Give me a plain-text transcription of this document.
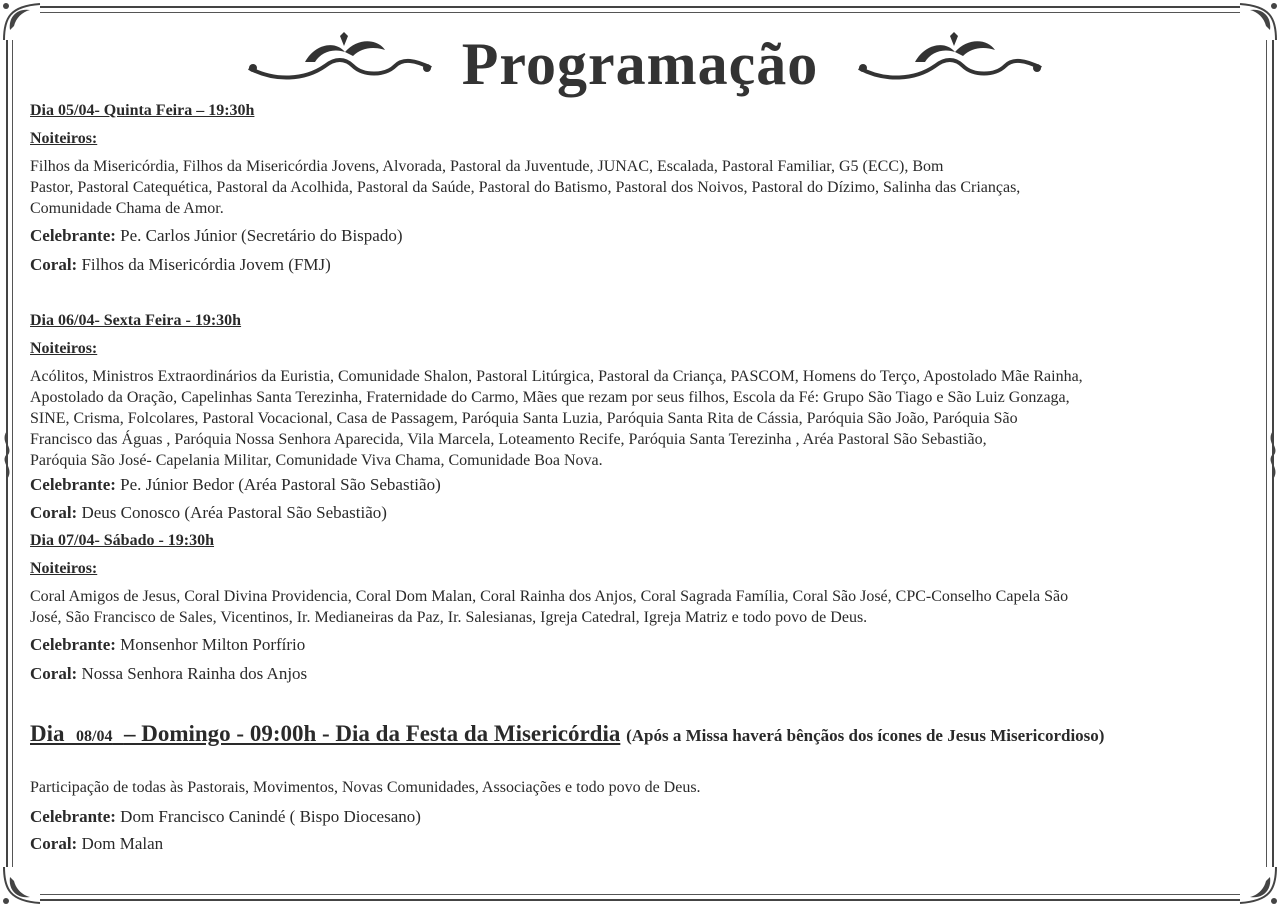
Programação

Dia 05/04- Quinta Feira – 19:30h

Noiteiros:

Filhos da Misericórdia, Filhos da Misericórdia Jovens, Alvorada, Pastoral da Juventude, JUNAC, Escalada, Pastoral Familiar, G5 (ECC), Bom

Pastor, Pastoral Catequética, Pastoral da Acolhida, Pastoral da Saúde, Pastoral do Batismo, Pastoral dos Noivos, Pastoral do Dízimo, Salinha das Crianças,

Comunidade Chama de Amor.

Celebrante: Pe. Carlos Júnior (Secretário do Bispado)

Coral: Filhos da Misericórdia Jovem (FMJ)

Dia 06/04- Sexta Feira - 19:30h

Noiteiros:

Acólitos, Ministros Extraordinários da Euristia, Comunidade Shalon, Pastoral Litúrgica, Pastoral da Criança, PASCOM, Homens do Terço, Apostolado Mãe Rainha,

Apostolado da Oração, Capelinhas Santa Terezinha, Fraternidade do Carmo, Mães que rezam por seus filhos, Escola da Fé: Grupo São Tiago e São Luiz Gonzaga,

SINE, Crisma, Folcolares, Pastoral Vocacional, Casa de Passagem, Paróquia Santa Luzia, Paróquia Santa Rita de Cássia, Paróquia São João, Paróquia São

Francisco das Águas , Paróquia Nossa Senhora Aparecida, Vila Marcela, Loteamento Recife, Paróquia Santa Terezinha , Aréa Pastoral São Sebastião,

Paróquia São José- Capelania Militar, Comunidade Viva Chama, Comunidade Boa Nova.

Celebrante: Pe. Júnior Bedor (Aréa Pastoral São Sebastião)

Coral: Deus Conosco (Aréa Pastoral São Sebastião)

Dia 07/04- Sábado - 19:30h

Noiteiros:

Coral Amigos de Jesus, Coral Divina Providencia, Coral Dom Malan, Coral Rainha dos Anjos, Coral Sagrada Família, Coral São José, CPC-Conselho Capela São

José, São Francisco de Sales, Vicentinos, Ir. Medianeiras da Paz, Ir. Salesianas, Igreja Catedral, Igreja Matriz e todo povo de Deus.

Celebrante: Monsenhor Milton Porfírio

Coral: Nossa Senhora Rainha dos Anjos

Dia 08/04 – Domingo - 09:00h - Dia da Festa da Misericórdia (Após a Missa haverá bênçãos dos ícones de Jesus Misericordioso)

Participação de todas às Pastorais, Movimentos, Novas Comunidades, Associações e todo povo de Deus.

Celebrante: Dom Francisco Canindé ( Bispo Diocesano)

Coral: Dom Malan
